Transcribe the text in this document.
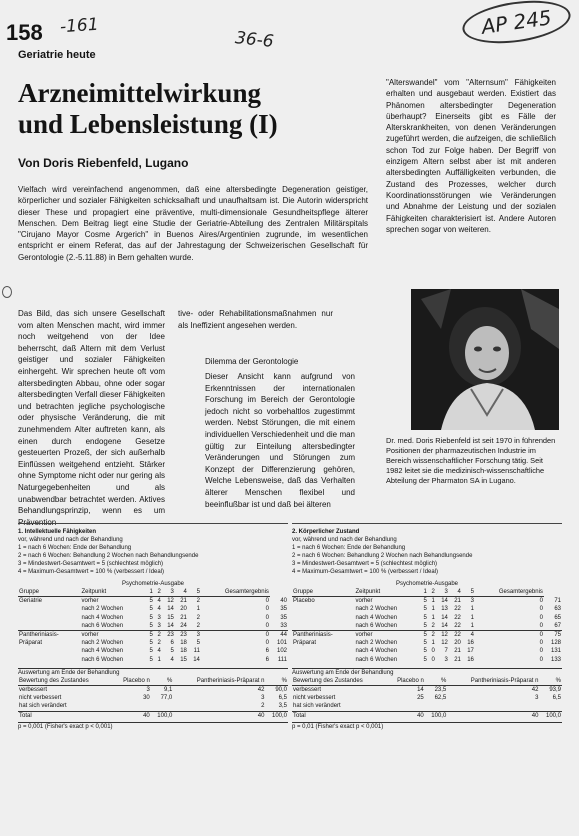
158 -161
36-6
AP 245
Geriatrie heute
Arzneimittelwirkung
und Lebensleistung (I)
Von Doris Riebenfeld, Lugano
Vielfach wird vereinfachend angenommen, daß eine altersbedingte Degeneration geistiger, körperlicher und sozialer Fähigkeiten schicksalhaft und unaufhaltsam ist. Die Autorin widerspricht dieser These und propagiert eine präventive, multi-dimensionale Gesundheitspflege älterer Menschen. Dem Beitrag liegt eine Studie der Geriatrie-Abteilung des Zentralen Militärspitals "Cirujano Mayor Cosme Argerich" in Buenos Aires/Argentinien zugrunde, im wesentlichen entspricht er einem Referat, das auf der Jahrestagung der Schweizerischen Gesellschaft für Gerontologie (2.-5.11.88) in Bern gehalten wurde.
Das Bild, das sich unsere Gesellschaft vom alten Menschen macht, wird immer noch weitgehend von der Idee beherrscht, daß Altern mit dem Verlust geistiger und sozialer Fähigkeiten einhergeht. Wir sprechen heute oft vom altersbedingten Abbau, ohne oder sogar altersbedingten Verfall dieser Fähigkeiten und betrachten jegliche psychologische oder physische Veränderung, die mit zunehmendem Alter auftreten kann, als einen durch endogene Gesetze gesteuerten Prozeß, der sich außerhalb Einflüssen weitgehend entzieht. Stärker ohne Symptome nicht oder nur gering als Naturgegebenheiten und als unabwendbar betrachtet werden. Aktives Behandlungsprinzip, wenn es um
tive- oder Rehabilitationsmaßnahmen nur als Ineffizient angesehen werden.
Dilemma der Gerontologie
Dieser Ansicht kann aufgrund von Erkenntnissen der internationalen Forschung im Bereich der Gerontologie jedoch nicht so vorbehaltlos zugestimmt werden. Nebst Störungen, die mit einem individuellen Verschiedenheit und die man gültig zur Einteilung altersbedingter Veränderungen und Störungen zum Konzept der Differenzierung gehören, Welche Lebensweise, daß das Verhalten älterer Menschen flexibel und beeinflußbar ist und daß bei älteren
"Alterswandel" vom "Alternsum" Fähigkeiten erhalten und ausgebaut werden. Existiert das Phänomen altersbedingter Degeneration überhaupt? Einerseits gibt es Fälle der Alterskrankheiten, von denen Veränderungen zugeführt werden, die aufzeigen, die schließlich schon Tod zur Folge haben. Der Begriff von einzigem Altern selbst aber ist mit anderen altersbedingten Auffälligkeiten verbunden, die Zustand des Prozesses, welcher durch Koordinationsstörungen wie Veränderungen und Abnahme der Leistung und der sozialen Fähigkeiten charakterisiert ist. Andere Autoren sprechen sogar von weiteren.
Dr. med. Doris Riebenfeld ist seit 1970 in führenden Positionen der pharmazeutischen Industrie im Bereich wissenschaftlicher Forschung tätig. Seit 1982 leitet sie die medizinisch-wissenschaftliche Abteilung der Pharmaton SA in Lugano.
1. Intellektuelle Fähigkeiten
vor, während und nach der Behandlung
1 = nach 6 Wochen: Ende der Behandlung
2 = nach 6 Wochen: Behandlung 2 Wochen nach Behandlungsende
3 = Mindestwert-Gesamtwert = 5 (schlechtest möglich)
4 = Maximum-Gesamtwert = 100 % (verbessert / Ideal)
Psychometrie-Ausgabe
Gruppe	Zeitpunkt	1	2	3	4	5	Gesamtergebnis	
Geriatrie	vorher	5	4	12	21	2	0	40
	nach 2 Wochen	5	4	14	20	1	0	35
	nach 4 Wochen	5	3	15	21	2	0	35
	nach 6 Wochen	5	3	14	24	2	0	33
Pantheriniasis-	vorher	5	2	23	23	3	0	44
Präparat	nach 2 Wochen	5	2	6	18	5	0	101
	nach 4 Wochen	5	4	5	18	11	6	102
	nach 6 Wochen	5	1	4	15	14	6	111
Auswertung am Ende der Behandlung
Bewertung des Zustandes	Placebo n	%	Pantheriniasis-Präparat n	%
verbessert	3	9,1	42	90,0
nicht verbessert	30	77,0	3	6,5
hat sich verändert			2	3,5
Total	40	100,0	40	100,0
p = 0,001 (Fisher's exact p < 0,001)
2. Körperlicher Zustand
vor, während und nach der Behandlung
1 = nach 6 Wochen: Ende der Behandlung
2 = nach 6 Wochen: Behandlung 2 Wochen nach Behandlungsende
3 = Mindestwert-Gesamtwert = 5 (schlechtest möglich)
4 = Maximum-Gesamtwert = 100 % (verbessert / Ideal)
Psychometrie-Ausgabe
Gruppe	Zeitpunkt	1	2	3	4	5	Gesamtergebnis	
Placebo	vorher	5	1	14	21	3	0	71
	nach 2 Wochen	5	1	13	22	1	0	63
	nach 4 Wochen	5	1	14	22	1	0	65
	nach 6 Wochen	5	2	14	22	1	0	67
Pantheriniasis-	vorher	5	2	12	22	4	0	75
Präparat	nach 2 Wochen	5	1	12	20	16	0	128
	nach 4 Wochen	5	0	7	21	17	0	131
	nach 6 Wochen	5	0	3	21	16	0	133
Auswertung am Ende der Behandlung
Bewertung des Zustandes	Placebo n	%	Pantheriniasis-Präparat n	%
verbessert	14	23,5	42	93,9
nicht verbessert	25	62,5	3	6,5
hat sich verändert				
Total	40	100,0	40	100,0
p = 0,01 (Fisher's exact p < 0,001)
